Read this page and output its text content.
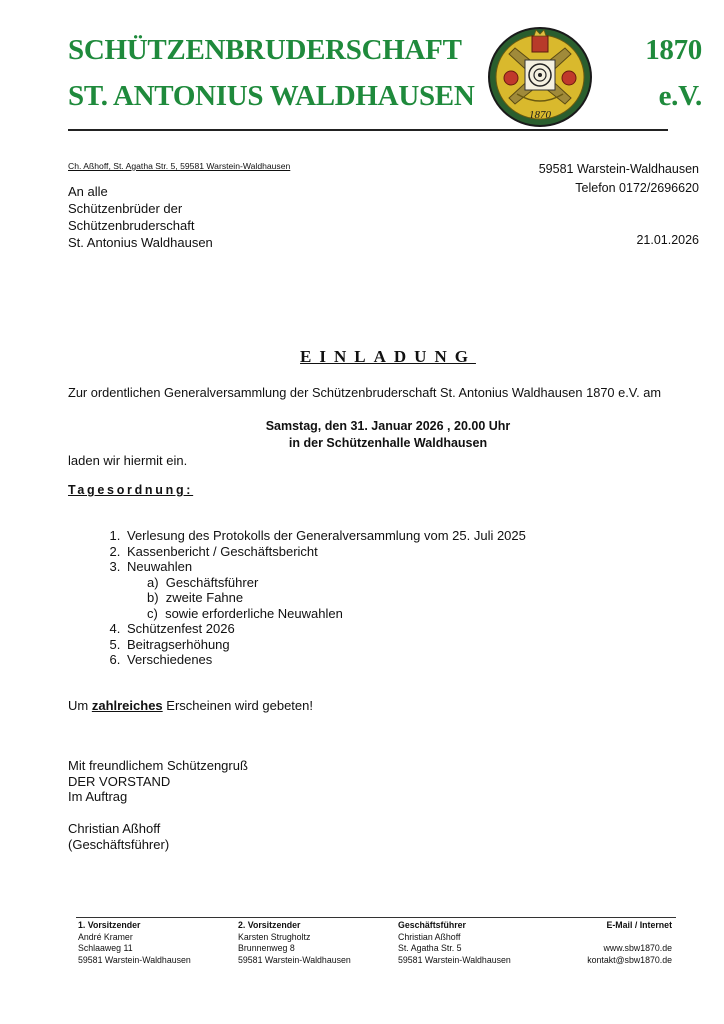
SCHÜTZENBRUDERSCHAFT
ST. ANTONIUS WALDHAUSEN
1870
e.V.
1870
Ch. Aßhoff, St. Agatha Str. 5, 59581 Warstein-Waldhausen
An alle
Schützenbrüder der
Schützenbruderschaft
St. Antonius Waldhausen
59581 Warstein-Waldhausen
Telefon 0172/2696620
21.01.2026
EINLADUNG
Zur ordentlichen Generalversammlung der Schützenbruderschaft St. Antonius Waldhausen 1870 e.V. am
Samstag, den 31. Januar 2026 , 20.00 Uhr
in der Schützenhalle Waldhausen
laden wir hiermit ein.
Tagesordnung:
1. Verlesung des Protokolls der Generalversammlung vom 25. Juli 2025
2. Kassenbericht / Geschäftsbericht
3. Neuwahlen
a) Geschäftsführer
b) zweite Fahne
c) sowie erforderliche Neuwahlen
4. Schützenfest 2026
5. Beitragserhöhung
6. Verschiedenes
Um zahlreiches Erscheinen wird gebeten!
Mit freundlichem Schützengruß
DER VORSTAND
Im Auftrag
Christian Aßhoff
(Geschäftsführer)
1. Vorsitzender
André Kramer
Schlaaweg 11
59581 Warstein-Waldhausen
2. Vorsitzender
Karsten Strugholtz
Brunnenweg 8
59581 Warstein-Waldhausen
Geschäftsführer
Christian Aßhoff
St. Agatha Str. 5
59581 Warstein-Waldhausen
E-Mail / Internet
www.sbw1870.de
kontakt@sbw1870.de
